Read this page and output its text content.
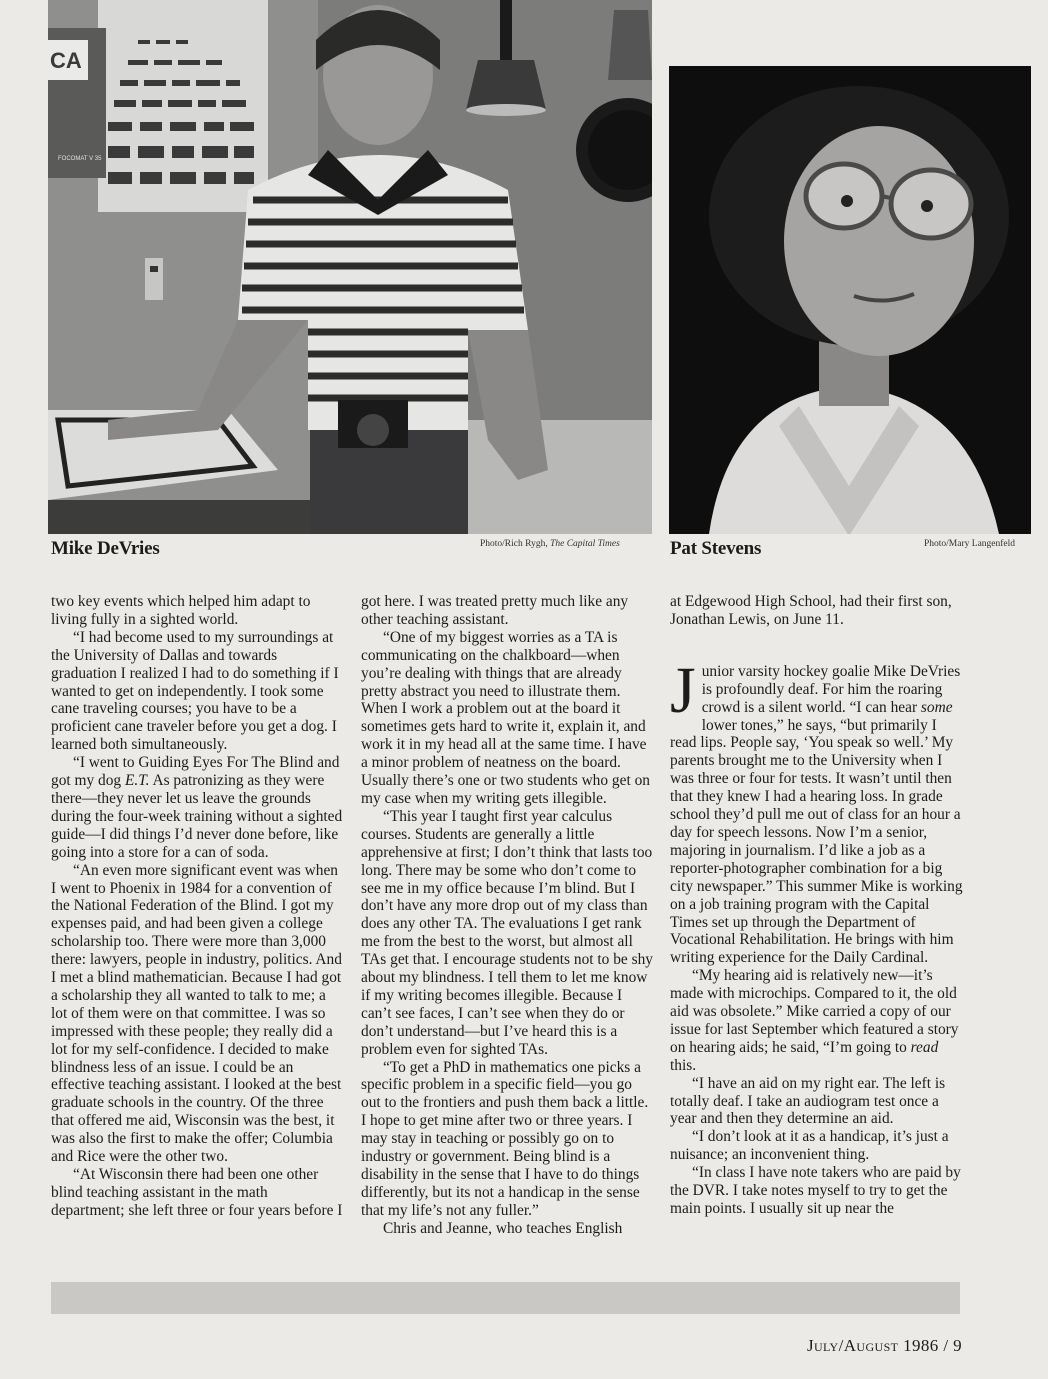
CA
FOCOMAT V 35
Mike DeVries	Photo/Rich Rygh, The Capital Times	Pat Stevens	Photo/Mary Langenfeld

two key events which helped him adapt to living fully in a sighted world.

“I had become used to my surroundings at the University of Dallas and towards graduation I realized I had to do something if I wanted to get on independently. I took some cane traveling courses; you have to be a proficient cane traveler before you get a dog. I learned both simultaneously.

“I went to Guiding Eyes For The Blind and got my dog E.T. As patronizing as they were there—they never let us leave the grounds during the four-week training without a sighted guide—I did things I’d never done before, like going into a store for a can of soda.

“An even more significant event was when I went to Phoenix in 1984 for a convention of the National Federation of the Blind. I got my expenses paid, and had been given a college scholarship too. There were more than 3,000 there: lawyers, people in industry, politics. And I met a blind mathematician. Because I had got a scholarship they all wanted to talk to me; a lot of them were on that committee. I was so impressed with these people; they really did a lot for my self-confidence. I decided to make blindness less of an issue. I could be an effective teaching assistant. I looked at the best graduate schools in the country. Of the three that offered me aid, Wisconsin was the best, it was also the first to make the offer; Columbia and Rice were the other two.

“At Wisconsin there had been one other blind teaching assistant in the math department; she left three or four years before I

got here. I was treated pretty much like any other teaching assistant.

“One of my biggest worries as a TA is communicating on the chalkboard—when you’re dealing with things that are already pretty abstract you need to illustrate them. When I work a problem out at the board it sometimes gets hard to write it, explain it, and work it in my head all at the same time. I have a minor problem of neatness on the board. Usually there’s one or two students who get on my case when my writing gets illegible.

“This year I taught first year calculus courses. Students are generally a little apprehensive at first; I don’t think that lasts too long. There may be some who don’t come to see me in my office because I’m blind. But I don’t have any more drop out of my class than does any other TA. The evaluations I get rank me from the best to the worst, but almost all TAs get that. I encourage students not to be shy about my blindness. I tell them to let me know if my writing becomes illegible. Because I can’t see faces, I can’t see when they do or don’t understand—but I’ve heard this is a problem even for sighted TAs.

“To get a PhD in mathematics one picks a specific problem in a specific field—you go out to the frontiers and push them back a little. I hope to get mine after two or three years. I may stay in teaching or possibly go on to industry or government. Being blind is a disability in the sense that I have to do things differently, but its not a handicap in the sense that my life’s not any fuller.”

Chris and Jeanne, who teaches English

at Edgewood High School, had their first son, Jonathan Lewis, on June 11.

Junior varsity hockey goalie Mike DeVries is profoundly deaf. For him the roaring crowd is a silent world. “I can hear some lower tones,” he says, “but primarily I read lips. People say, ‘You speak so well.’ My parents brought me to the University when I was three or four for tests. It wasn’t until then that they knew I had a hearing loss. In grade school they’d pull me out of class for an hour a day for speech lessons. Now I’m a senior, majoring in journalism. I’d like a job as a reporter-photographer combination for a big city newspaper.” This summer Mike is working on a job training program with the Capital Times set up through the Department of Vocational Rehabilitation. He brings with him writing experience for the Daily Cardinal.

“My hearing aid is relatively new—it’s made with microchips. Compared to it, the old aid was obsolete.” Mike carried a copy of our issue for last September which featured a story on hearing aids; he said, “I’m going to read this.

“I have an aid on my right ear. The left is totally deaf. I take an audiogram test once a year and then they determine an aid.

“I don’t look at it as a handicap, it’s just a nuisance; an inconvenient thing.

“In class I have note takers who are paid by the DVR. I take notes myself to try to get the main points. I usually sit up near the

July/August 1986 / 9
